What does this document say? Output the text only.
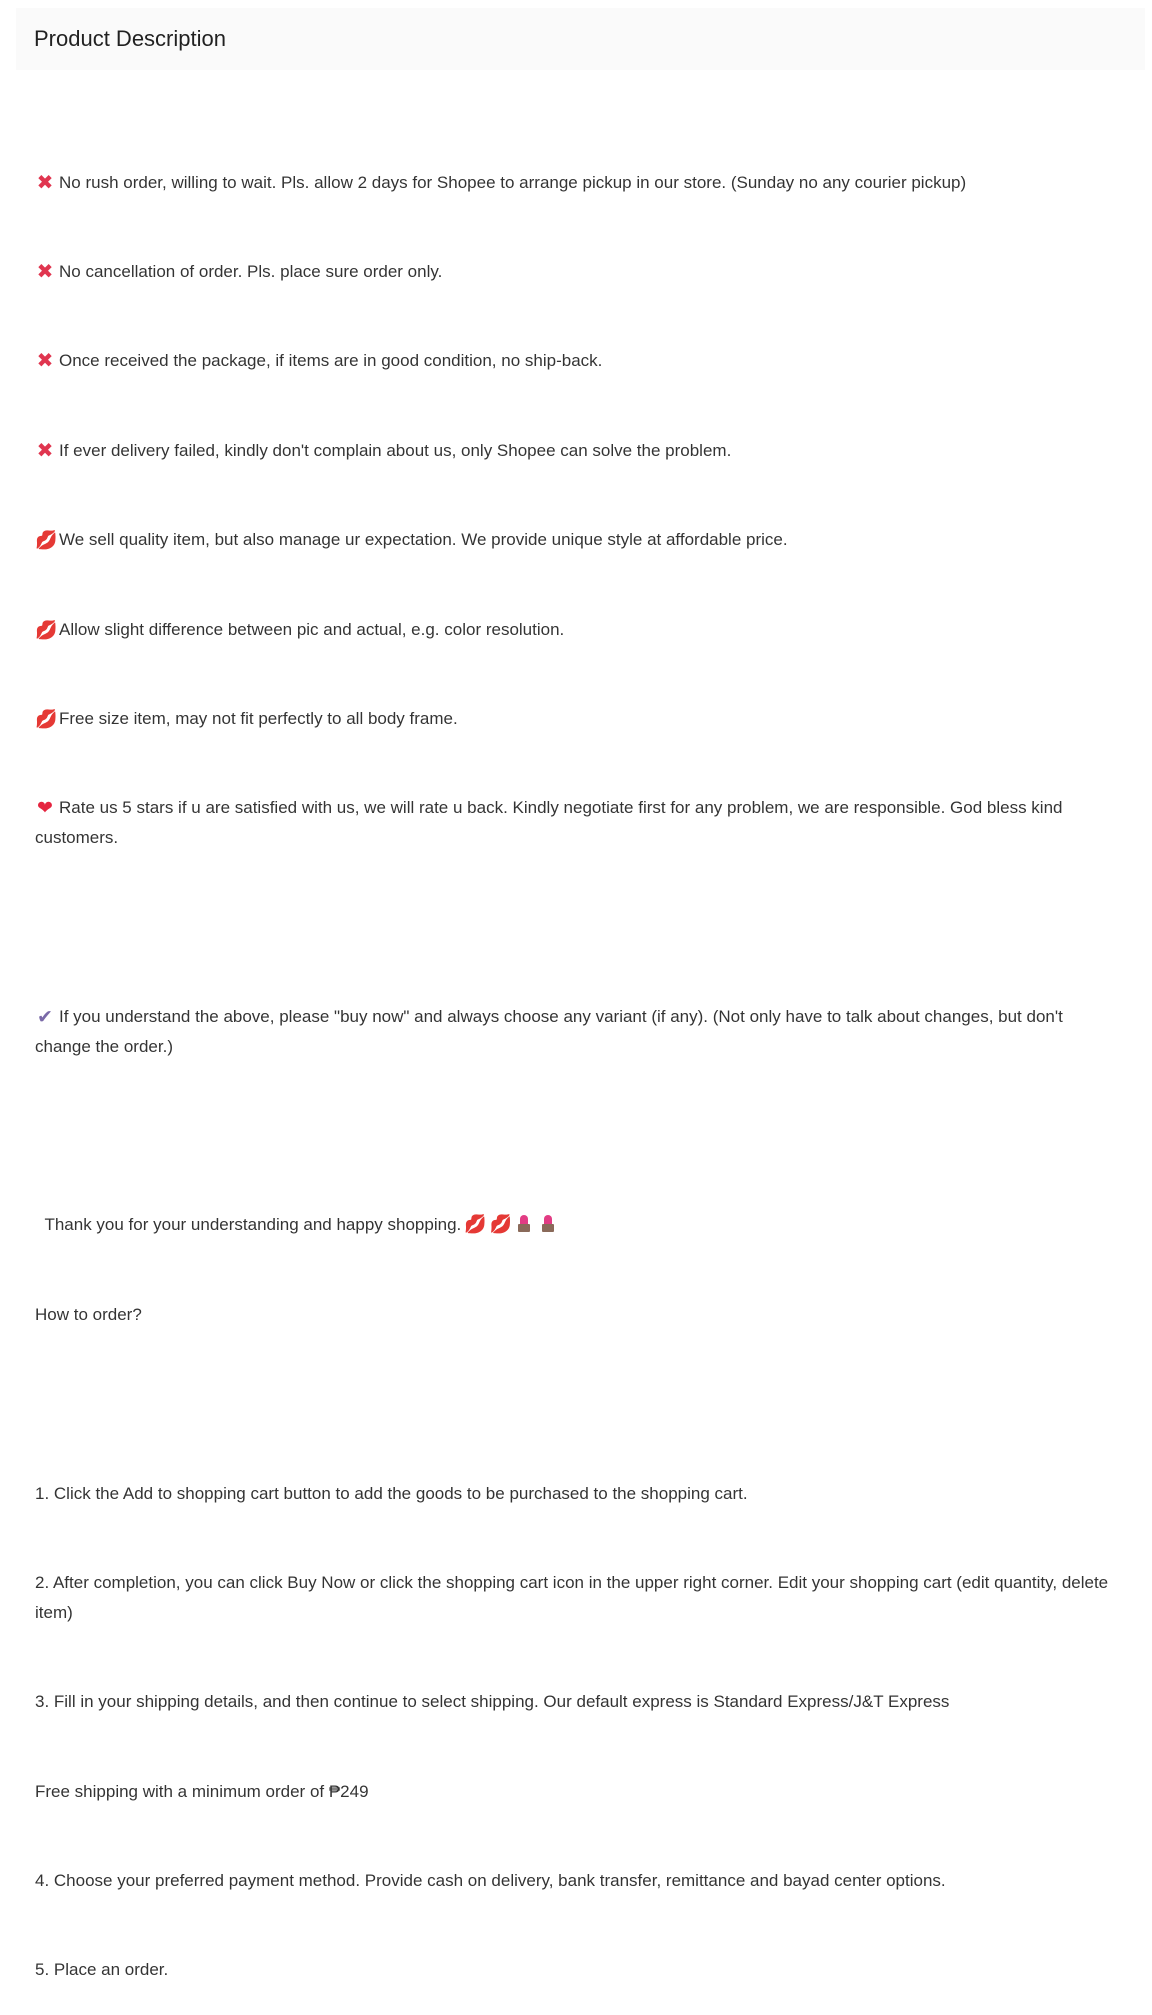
Product Description

✖ No rush order, willing to wait. Pls. allow 2 days for Shopee to arrange pickup in our store. (Sunday no any courier pickup)

✖ No cancellation of order. Pls. place sure order only.

✖ Once received the package, if items are in good condition, no ship-back.

✖ If ever delivery failed, kindly don't complain about us, only Shopee can solve the problem.

💋We sell quality item, but also manage ur expectation. We provide unique style at affordable price.

💋Allow slight difference between pic and actual, e.g. color resolution.

💋Free size item, may not fit perfectly to all body frame.

❤ Rate us 5 stars if u are satisfied with us, we will rate u back. Kindly negotiate first for any problem, we are responsible. God bless kind customers.

✔ If you understand the above, please "buy now" and always choose any variant (if any). (Not only have to talk about changes, but don't change the order.)

Thank you for your understanding and happy shopping. 💋 💋

How to order?

1. Click the Add to shopping cart button to add the goods to be purchased to the shopping cart.

2. After completion, you can click Buy Now or click the shopping cart icon in the upper right corner. Edit your shopping cart (edit quantity, delete item)

3. Fill in your shipping details, and then continue to select shipping. Our default express is Standard Express/J&T Express

Free shipping with a minimum order of ₱249

4. Choose your preferred payment method. Provide cash on delivery, bank transfer, remittance and bayad center options.

5. Place an order.
